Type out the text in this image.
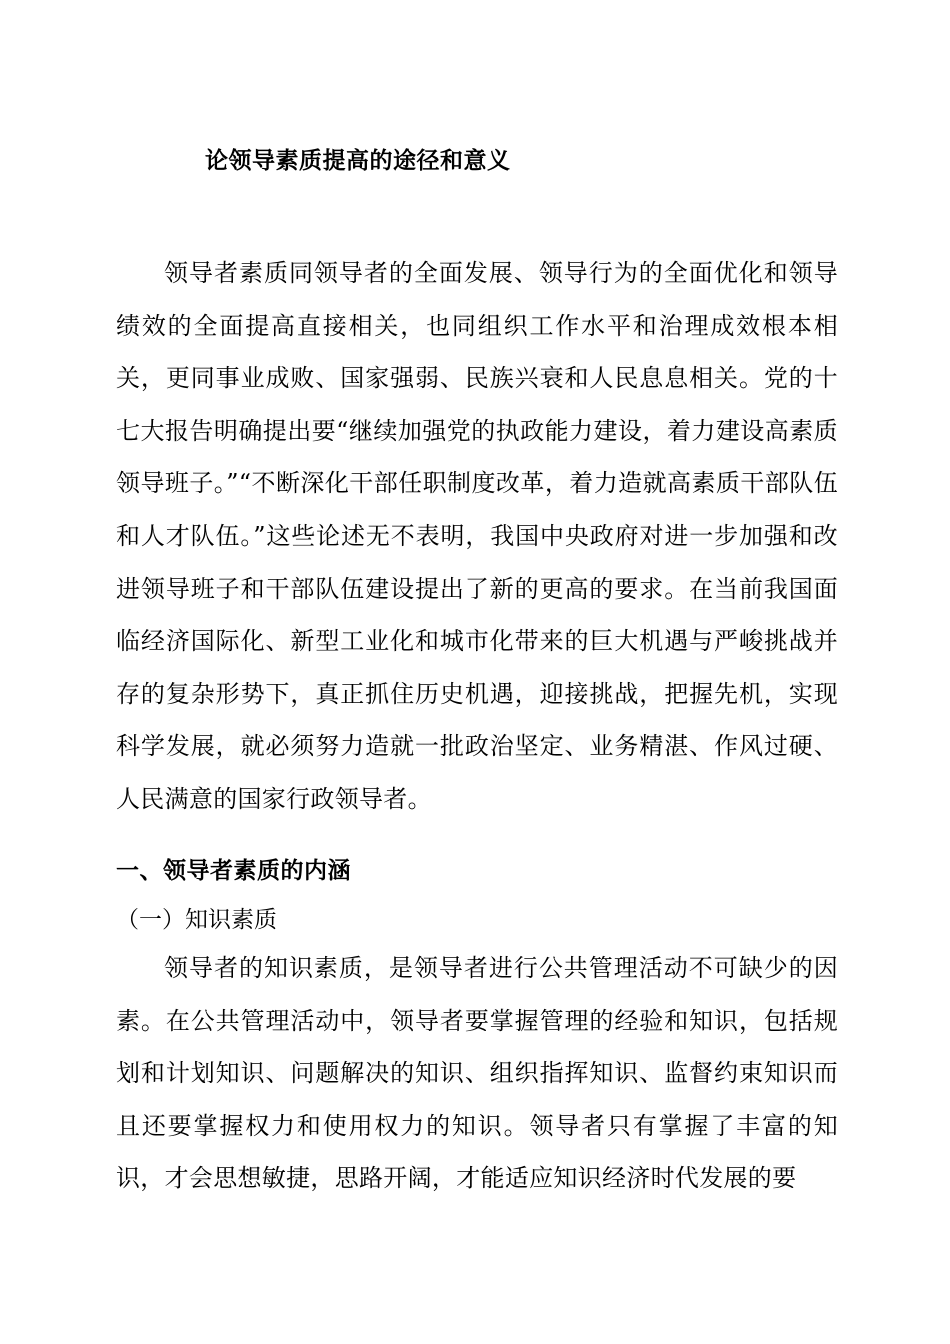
论领导素质提高的途径和意义

领导者素质同领导者的全面发展、领导行为的全面优化和领导绩效的全面提高直接相关，也同组织工作水平和治理成效根本相关，更同事业成败、国家强弱、民族兴衰和人民息息相关。党的十七大报告明确提出要“继续加强党的执政能力建设，着力建设高素质领导班子。”“不断深化干部任职制度改革，着力造就高素质干部队伍和人才队伍。”这些论述无不表明，我国中央政府对进一步加强和改进领导班子和干部队伍建设提出了新的更高的要求。在当前我国面临经济国际化、新型工业化和城市化带来的巨大机遇与严峻挑战并存的复杂形势下，真正抓住历史机遇，迎接挑战，把握先机，实现科学发展，就必须努力造就一批政治坚定、业务精湛、作风过硬、人民满意的国家行政领导者。

一、领导者素质的内涵
（一）知识素质

领导者的知识素质，是领导者进行公共管理活动不可缺少的因素。在公共管理活动中，领导者要掌握管理的经验和知识，包括规划和计划知识、问题解决的知识、组织指挥知识、监督约束知识而且还要掌握权力和使用权力的知识。领导者只有掌握了丰富的知识，才会思想敏捷，思路开阔，才能适应知识经济时代发展的要
